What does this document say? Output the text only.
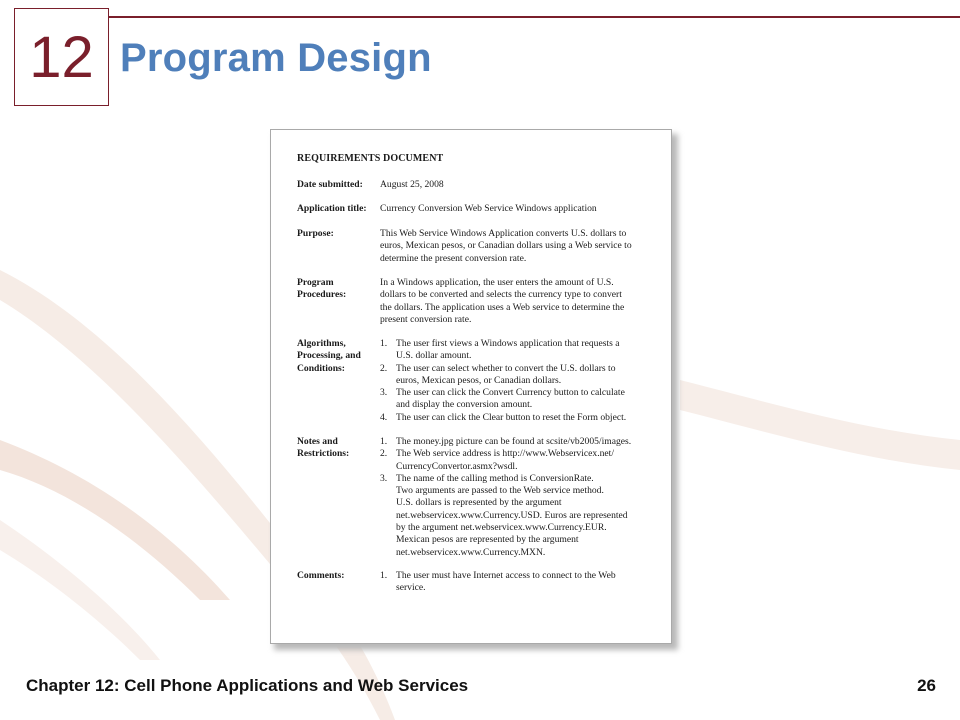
12 Program Design
REQUIREMENTS DOCUMENT
Date submitted:	August 25, 2008
Application title:	Currency Conversion Web Service Windows application
Purpose:	This Web Service Windows Application converts U.S. dollars to
euros, Mexican pesos, or Canadian dollars using a Web service to
determine the present conversion rate.
Program
Procedures:
In a Windows application, the user enters the amount of U.S.
dollars to be converted and selects the currency type to convert
the dollars. The application uses a Web service to determine the
present conversion rate.
Algorithms,
Processing, and
Conditions:
1. The user first views a Windows application that requests a
U.S. dollar amount.
2. The user can select whether to convert the U.S. dollars to
euros, Mexican pesos, or Canadian dollars.
3. The user can click the Convert Currency button to calculate
and display the conversion amount.
4. The user can click the Clear button to reset the Form object.
Notes and
Restrictions:
1. The money.jpg picture can be found at scsite/vb2005/images.
2. The Web service address is http://www.Webservicex.net/
CurrencyConvertor.asmx?wsdl.
3. The name of the calling method is ConversionRate.
Two arguments are passed to the Web service method.
U.S. dollars is represented by the argument
net.webservicex.www.Currency.USD. Euros are represented
by the argument net.webservicex.www.Currency.EUR.
Mexican pesos are represented by the argument
net.webservicex.www.Currency.MXN.
Comments:	1. The user must have Internet access to connect to the Web
service.
Chapter 12: Cell Phone Applications and Web Services	26
